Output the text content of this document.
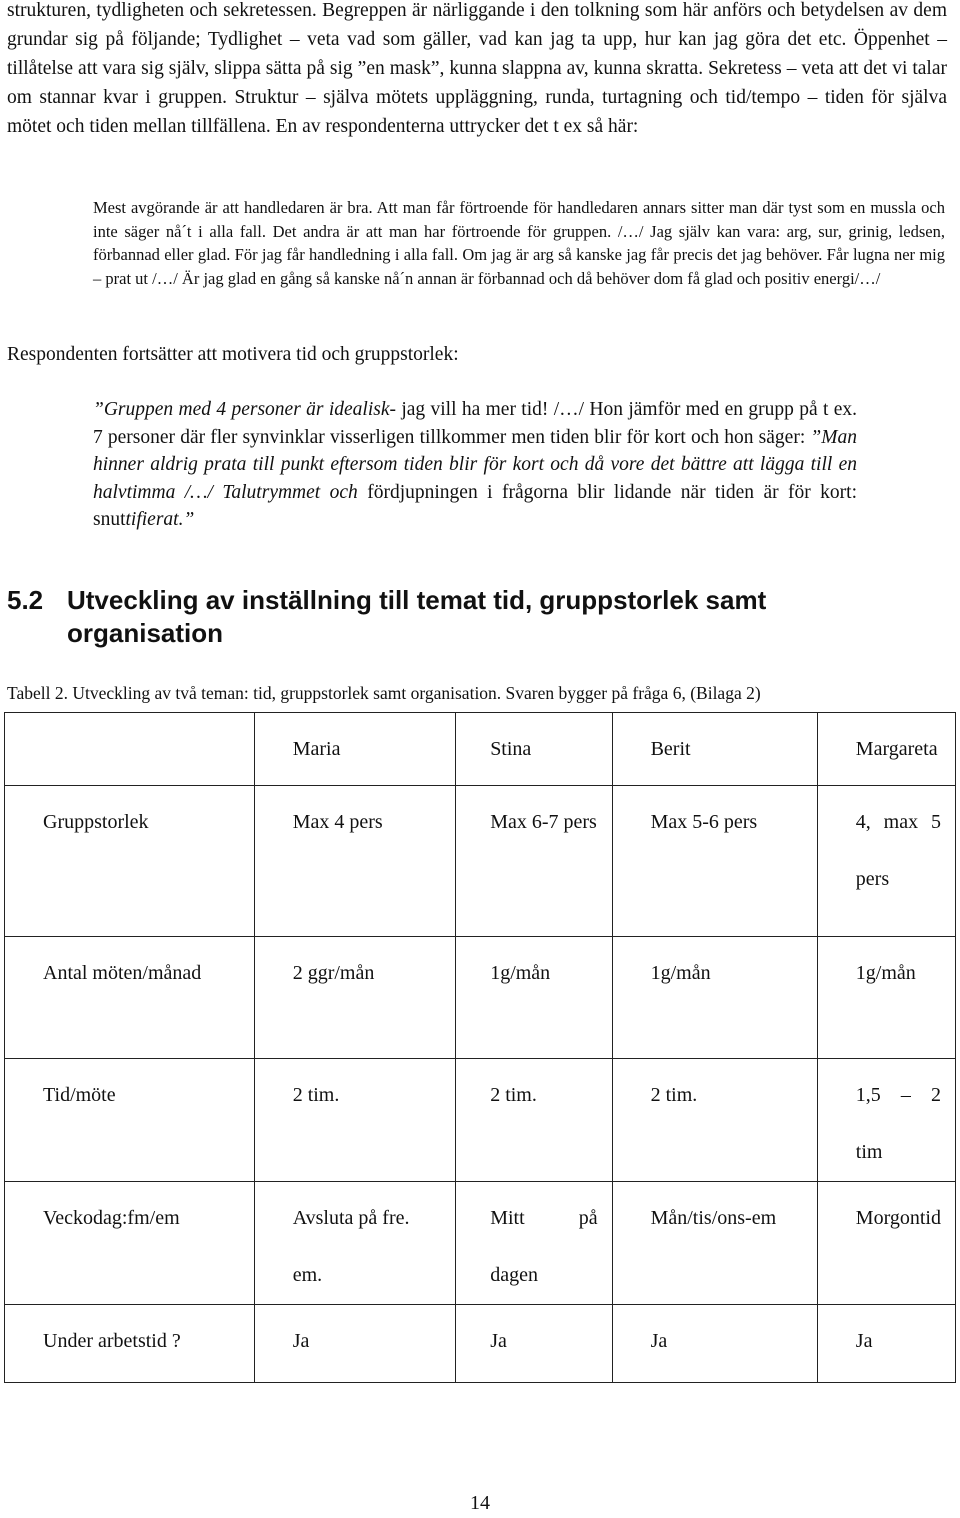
strukturen, tydligheten och sekretessen. Begreppen är närliggande i den tolkning som här anförs och betydelsen av dem grundar sig på följande; Tydlighet – veta vad som gäller, vad kan jag ta upp, hur kan jag göra det etc. Öppenhet – tillåtelse att vara sig själv, slippa sätta på sig ”en mask”, kunna slappna av, kunna skratta. Sekretess – veta att det vi talar om stannar kvar i gruppen. Struktur – själva mötets uppläggning, runda, turtagning och tid/tempo – tiden för själva mötet och tiden mellan tillfällena. En av respondenterna uttrycker det t ex så här:

Mest avgörande är att handledaren är bra. Att man får förtroende för handledaren annars sitter man där tyst som en mussla och inte säger nå´t i alla fall. Det andra är att man har förtroende för gruppen. /…/ Jag själv kan vara: arg, sur, grinig, ledsen, förbannad eller glad. För jag får handledning i alla fall. Om jag är arg så kanske jag får precis det jag behöver. Får lugna ner mig – prat ut /…/ Är jag glad en gång så kanske nå´n annan är förbannad och då behöver dom få glad och positiv energi/…/

Respondenten fortsätter att motivera tid och gruppstorlek:

”Gruppen med 4 personer är idealisk- jag vill ha mer tid! /…/ Hon jämför med en grupp på t ex. 7 personer där fler synvinklar visserligen tillkommer men tiden blir för kort och hon säger: ”Man hinner aldrig prata till punkt eftersom tiden blir för kort och då vore det bättre att lägga till en halvtimma /…/ Talutrymmet och fördjupningen i frågorna blir lidande när tiden är för kort: snuttifierat.”

5.2 Utveckling av inställning till temat tid, gruppstorlek samt
organisation

Tabell 2. Utveckling av två teman: tid, gruppstorlek samt organisation. Svaren bygger på fråga 6, (Bilaga 2)

	Maria	Stina	Berit	Margareta

Gruppstorlek	Max 4 pers	Max 6-7 pers	Max 5-6 pers	4, max 5 pers

Antal möten/månad	2 ggr/mån	1g/mån	1g/mån	1g/mån

Tid/möte	2 tim.	2 tim.	2 tim.	1,5 – 2 tim

Veckodag:fm/em	Avsluta på fre. em.	Mitt på dagen	Mån/tis/ons-em	Morgontid

Under arbetstid ?	Ja	Ja	Ja	Ja

14
